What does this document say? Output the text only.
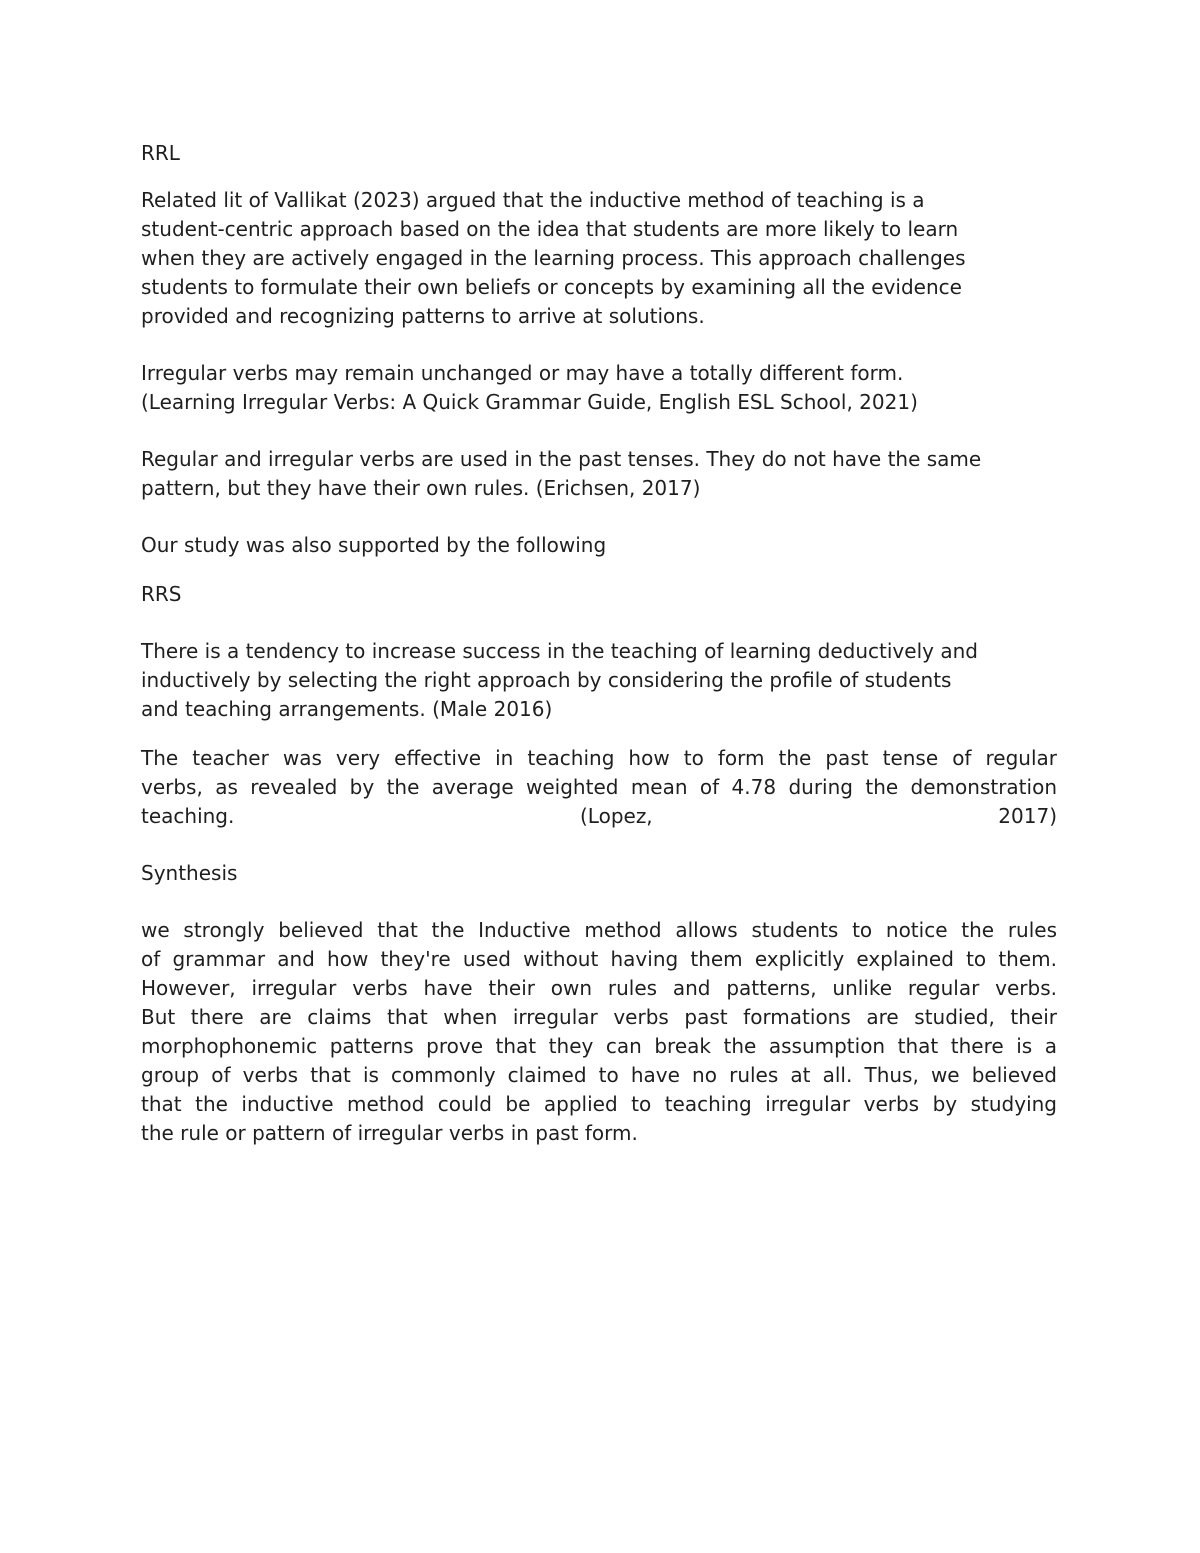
RRL

Related lit of Vallikat (2023) argued that the inductive method of teaching is a
student-centric approach based on the idea that students are more likely to learn
when they are actively engaged in the learning process. This approach challenges
students to formulate their own beliefs or concepts by examining all the evidence
provided and recognizing patterns to arrive at solutions.

Irregular verbs may remain unchanged or may have a totally different form.
(Learning Irregular Verbs: A Quick Grammar Guide, English ESL School, 2021)

Regular and irregular verbs are used in the past tenses. They do not have the same
pattern, but they have their own rules. (Erichsen, 2017)

Our study was also supported by the following

RRS

There is a tendency to increase success in the teaching of learning deductively and
inductively by selecting the right approach by considering the profile of students
and teaching arrangements. (Male 2016)

The teacher was very effective in teaching how to form the past tense of regular
verbs, as revealed by the average weighted mean of 4.78 during the demonstration
teaching. (Lopez, 2017)

Synthesis

we strongly believed that the Inductive method allows students to notice the rules
of grammar and how they're used without having them explicitly explained to them.
However, irregular verbs have their own rules and patterns, unlike regular verbs.
But there are claims that when irregular verbs past formations are studied, their
morphophonemic patterns prove that they can break the assumption that there is a
group of verbs that is commonly claimed to have no rules at all. Thus, we believed
that the inductive method could be applied to teaching irregular verbs by studying
the rule or pattern of irregular verbs in past form.
